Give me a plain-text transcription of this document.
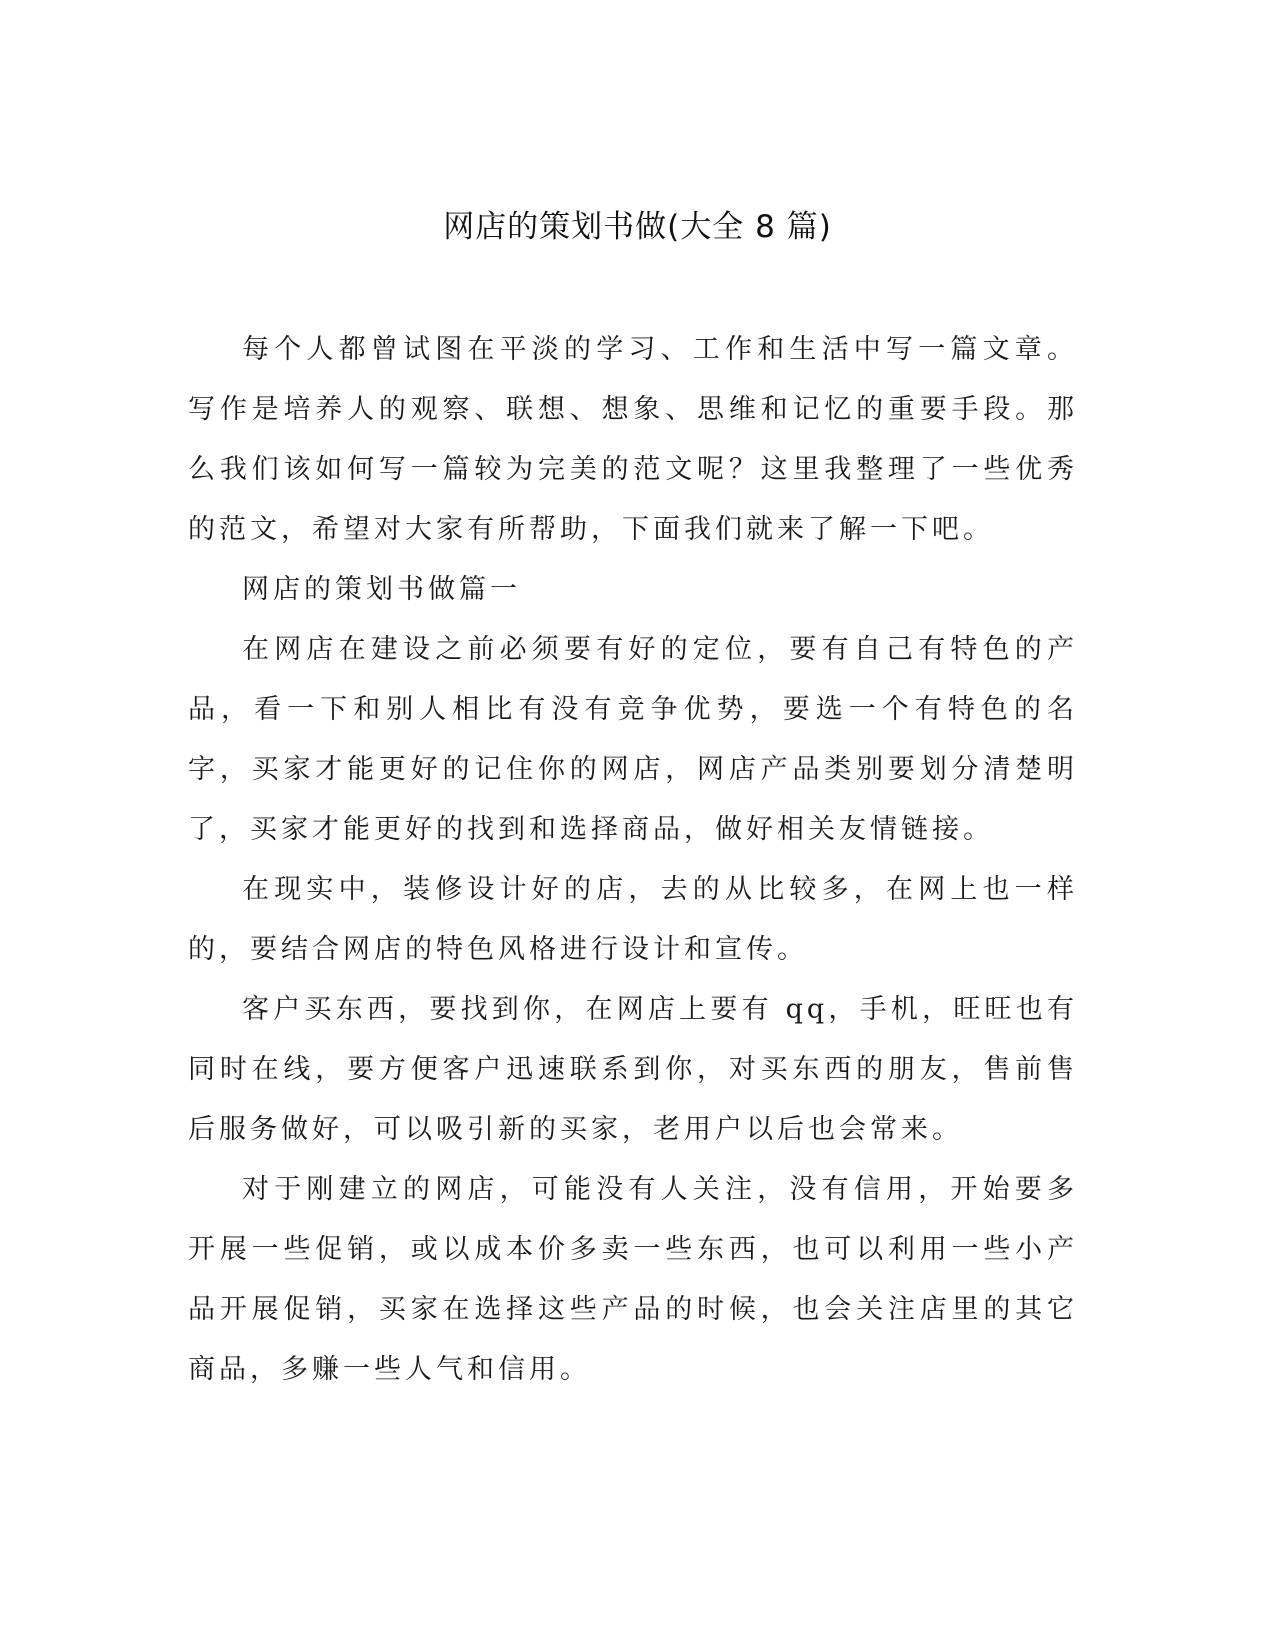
网店的策划书做(大全 8 篇)

每个人都曾试图在平淡的学习、工作和生活中写一篇文章。写作是培养人的观察、联想、想象、思维和记忆的重要手段。那么我们该如何写一篇较为完美的范文呢？这里我整理了一些优秀的范文，希望对大家有所帮助，下面我们就来了解一下吧。

网店的策划书做篇一

在网店在建设之前必须要有好的定位，要有自己有特色的产品，看一下和别人相比有没有竞争优势，要选一个有特色的名字，买家才能更好的记住你的网店，网店产品类别要划分清楚明了，买家才能更好的找到和选择商品，做好相关友情链接。

在现实中，装修设计好的店，去的从比较多，在网上也一样的，要结合网店的特色风格进行设计和宣传。

客户买东西，要找到你，在网店上要有 qq，手机，旺旺也有同时在线，要方便客户迅速联系到你，对买东西的朋友，售前售后服务做好，可以吸引新的买家，老用户以后也会常来。

对于刚建立的网店，可能没有人关注，没有信用，开始要多开展一些促销，或以成本价多卖一些东西，也可以利用一些小产品开展促销，买家在选择这些产品的时候，也会关注店里的其它商品，多赚一些人气和信用。
